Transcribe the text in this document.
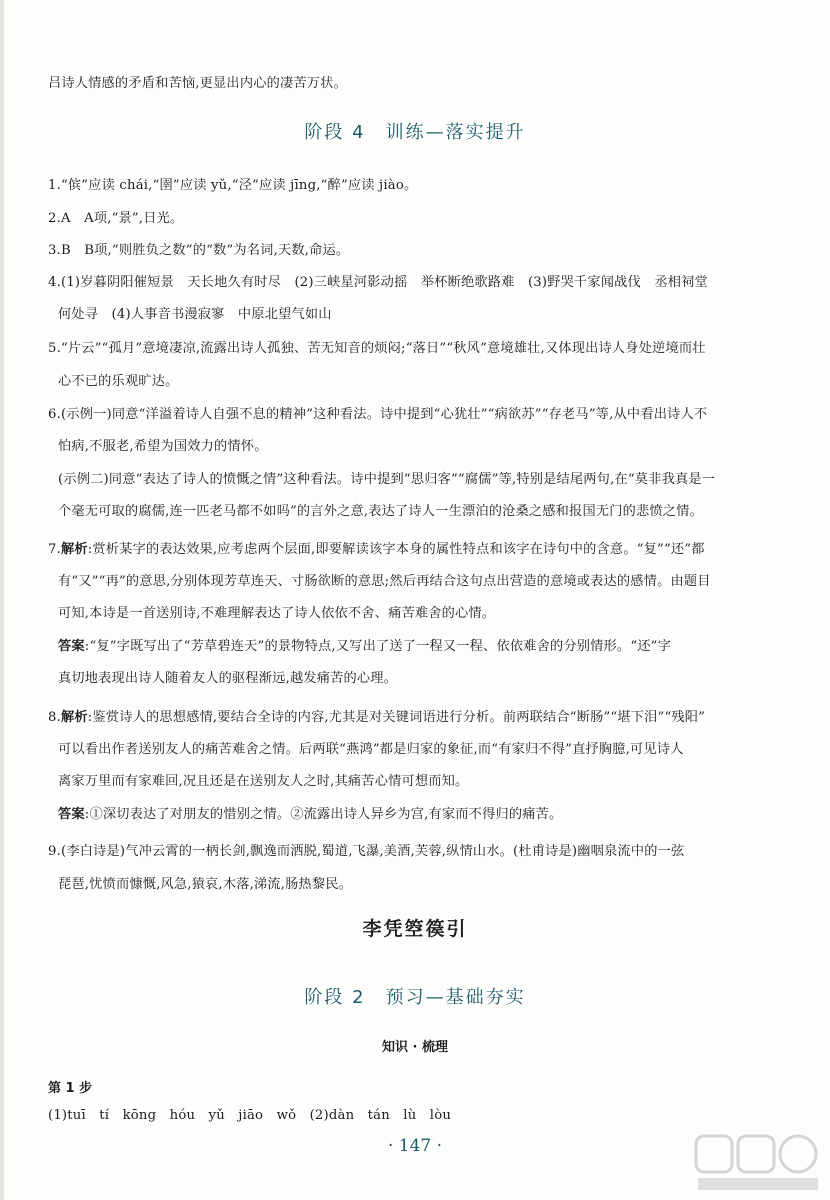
吕诗人情感的矛盾和苦恼,更显出内心的凄苦万状。
阶段 4　训练—落实提升
1.“傧”应读 chái,“圉”应读 yǔ,“泾”应读 jīng,“醉”应读 jiào。
2.A　A项,“景”,日光。
3.B　B项,“则胜负之数”的“数”为名词,天数,命运。
4.(1)岁暮阴阳催短景　天长地久有时尽　(2)三峡星河影动摇　举杯断绝歌路难　(3)野哭千家闻战伐　丞相祠堂
何处寻　(4)人事音书漫寂寥　中原北望气如山
5.“片云”“孤月”意境凄凉,流露出诗人孤独、苦无知音的烦闷;“落日”“秋风”意境雄壮,又体现出诗人身处逆境而壮
心不已的乐观旷达。
6.(示例一)同意“洋溢着诗人自强不息的精神”这种看法。诗中提到“心犹壮”“病欲苏”“存老马”等,从中看出诗人不
怕病,不服老,希望为国效力的情怀。
(示例二)同意“表达了诗人的愤慨之情”这种看法。诗中提到“思归客”“腐儒”等,特别是结尾两句,在“莫非我真是一
个毫无可取的腐儒,连一匹老马都不如吗”的言外之意,表达了诗人一生漂泊的沧桑之感和报国无门的悲愤之情。
7.解析:赏析某字的表达效果,应考虑两个层面,即要解读该字本身的属性特点和该字在诗句中的含意。“复”“还”都
有“又”“再”的意思,分别体现芳草连天、寸肠欲断的意思;然后再结合这句点出营造的意境或表达的感情。由题目
可知,本诗是一首送别诗,不难理解表达了诗人依依不舍、痛苦难舍的心情。
答案:“复”字既写出了“芳草碧连天”的景物特点,又写出了送了一程又一程、依依难舍的分别情形。“还”字
真切地表现出诗人随着友人的驱程渐远,越发痛苦的心理。
8.解析:鉴赏诗人的思想感情,要结合全诗的内容,尤其是对关键词语进行分析。前两联结合“断肠”“堪下泪”“残阳”
可以看出作者送别友人的痛苦难舍之情。后两联“燕鸿”都是归家的象征,而“有家归不得”直抒胸臆,可见诗人
离家万里而有家难回,况且还是在送别友人之时,其痛苦心情可想而知。
答案:①深切表达了对朋友的惜别之情。②流露出诗人异乡为宫,有家而不得归的痛苦。
9.(李白诗是)气冲云霄的一柄长剑,飘逸而洒脱,蜀道,飞瀑,美酒,芙蓉,纵情山水。(杜甫诗是)幽咽泉流中的一弦
琵琶,忧愤而慷慨,风急,猿哀,木落,涕流,肠热黎民。
李凭箜篌引
阶段 2　预习—基础夯实
知识 · 梳理
第 1 步
(1)tuī　tí　kōng　hóu　yǔ　jiāo　wǒ　(2)dàn　tán　lù　lòu
· 147 ·
